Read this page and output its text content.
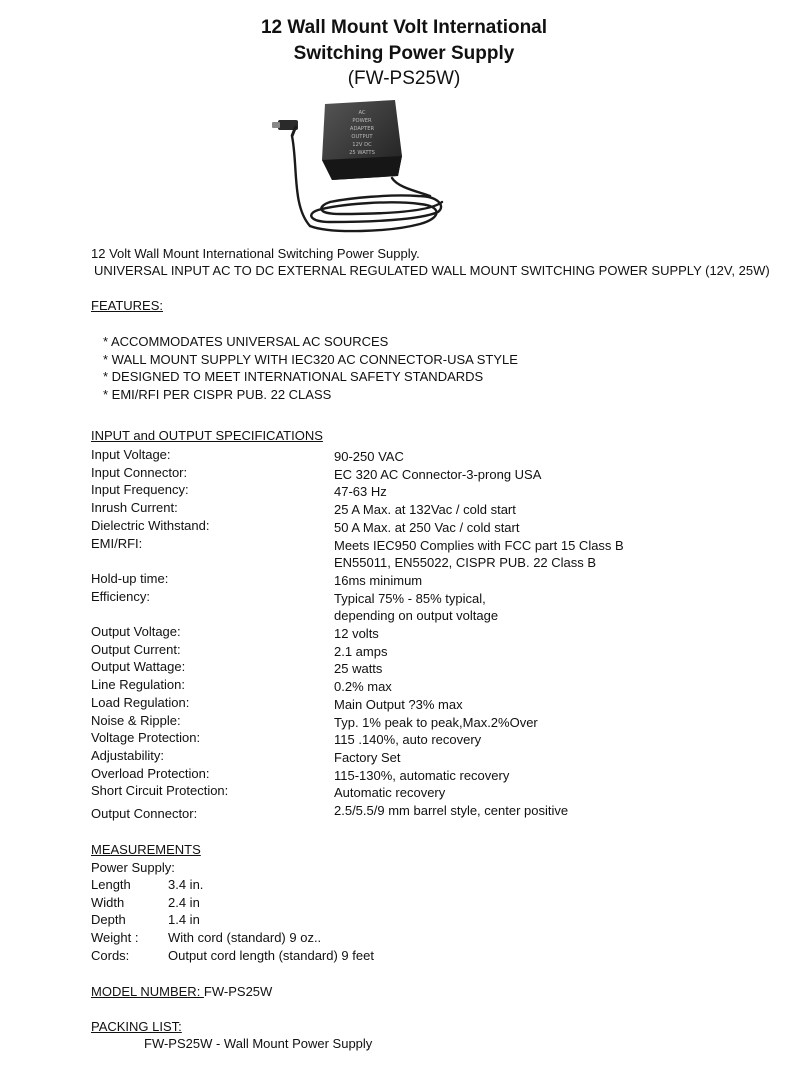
12 Wall Mount Volt International
Switching Power Supply
(FW-PS25W)
AC
POWER
ADAPTER
OUTPUT
12V DC
25 WATTS
12 Volt Wall Mount International Switching Power Supply.
UNIVERSAL INPUT AC TO DC EXTERNAL REGULATED WALL MOUNT SWITCHING POWER SUPPLY (12V, 25W)
FEATURES:
* ACCOMMODATES UNIVERSAL AC SOURCES
* WALL MOUNT SUPPLY WITH IEC320 AC CONNECTOR-USA STYLE
* DESIGNED TO MEET INTERNATIONAL SAFETY STANDARDS
* EMI/RFI PER CISPR PUB. 22 CLASS
INPUT and OUTPUT SPECIFICATIONS
Input Voltage:	90-250 VAC
Input Connector:	EC 320 AC Connector-3-prong USA
Input Frequency:	47-63 Hz
Inrush Current:	25 A Max. at 132Vac / cold start
Dielectric Withstand:	50 A Max. at 250 Vac / cold start
EMI/RFI:	Meets IEC950 Complies with FCC part 15 Class B
EN55011, EN55022, CISPR PUB. 22 Class B
Hold-up time:	16ms minimum
Efficiency:	Typical 75% - 85% typical,
depending on output voltage
Output Voltage:	12 volts
Output Current:	2.1 amps
Output Wattage:	25 watts
Line Regulation:	0.2% max
Load Regulation:	Main Output ?3% max
Noise & Ripple:	Typ. 1% peak to peak,Max.2%Over
Voltage Protection:	115 .140%, auto recovery
Adjustability:	Factory Set
Overload Protection:	115-130%, automatic recovery
Short Circuit Protection:	Automatic recovery
Output Connector:	2.5/5.5/9 mm barrel style, center positive
MEASUREMENTS
Power Supply:
Length	3.4 in.
Width	2.4 in
Depth	1.4 in
Weight : With cord (standard) 9 oz..
Cords:	Output cord length (standard) 9 feet
MODEL NUMBER: FW-PS25W
PACKING LIST:
FW-PS25W - Wall Mount Power Supply
